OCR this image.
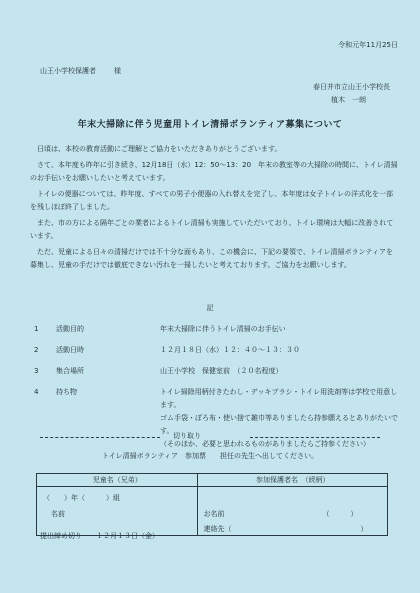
令和元年11月25日
山王小学校保護者	様
春日井市立山王小学校長
植木　一朗
年末大掃除に伴う児童用トイレ清掃ボランティア募集について

日頃は、本校の教育活動にご理解とご協力をいただきありがとうございます。

さて、本年度も昨年に引き続き、12月18日（水）12：50～13：20　年末の教室等の大掃除の時間に、トイレ清掃のお手伝いをお願いしたいと考えています。

トイレの便器については、昨年度、すべての男子小便器の入れ替えを完了し、本年度は女子トイレの洋式化を一部を残しほぼ終了しました。

また、市の方による隔年ごとの業者によるトイレ清掃も実施していただいており、トイレ環境は大幅に改善されています。

ただ、児童による日々の清掃だけでは不十分な面もあり、この機会に、下記の要領で、トイレ清掃ボランティアを募集し、児童の手だけでは徹底できない汚れを一掃したいと考えております。ご協力をお願いします。

記
1	活動目的	年末大掃除に伴うトイレ清掃のお手伝い
2	活動日時	１２月１８日（水）１２：４０～１３：３０
3	集合場所	山王小学校　保健室前　（２０名程度）
4	持ち物	トイレ掃除用柄付きたわし・デッキブラシ・トイレ用洗剤等は学校で用意します。
ゴム手袋・ぼろ布・使い捨て雑巾等ありましたら持参願えるとありがたいです。
（そのほか、必要と思われるものがありましたらご持参ください）
切り取り
トイレ清掃ボランティア　参加票　　担任の先生へ出してください。
児童名（兄弟）	参加保護者名　（続柄）

（　　）年（　　　）組
名前	お名前 （　　　）
連絡先（ ）
提出締め切り １２月１３日（金）
